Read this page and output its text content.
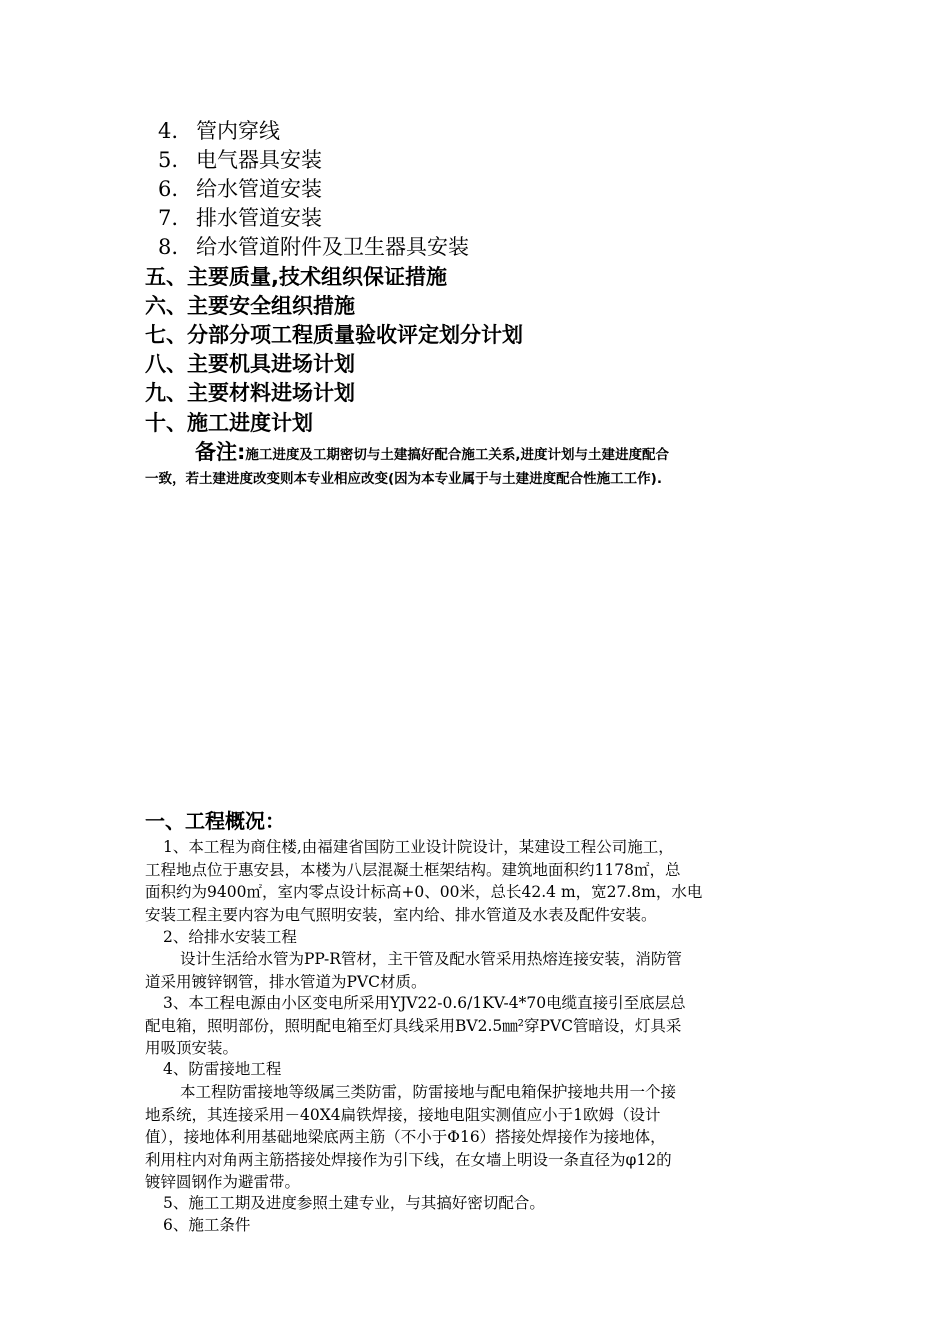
4. 管内穿线
5. 电气器具安装
6. 给水管道安装
7. 排水管道安装
8. 给水管道附件及卫生器具安装
五、主要质量,技术组织保证措施
六、主要安全组织措施
七、分部分项工程质量验收评定划分计划
八、主要机具进场计划
九、主要材料进场计划
十、施工进度计划
备注:施工进度及工期密切与土建搞好配合施工关系,进度计划与土建进度配合
一致，若土建进度改变则本专业相应改变(因为本专业属于与土建进度配合性施工工作).
一、工程概况：
1、本工程为商住楼,由福建省国防工业设计院设计，某建设工程公司施工，
工程地点位于惠安县，本楼为八层混凝土框架结构。建筑地面积约1178㎡，总
面积约为9400㎡，室内零点设计标高+0、00米，总长42.4 m，宽27.8m，水电
安装工程主要内容为电气照明安装，室内给、排水管道及水表及配件安装。
2、给排水安装工程
设计生活给水管为PP-R管材，主干管及配水管采用热熔连接安装，消防管
道采用镀锌钢管，排水管道为PVC材质。
3、本工程电源由小区变电所采用YJV22-0.6/1KV-4*70电缆直接引至底层总
配电箱，照明部份，照明配电箱至灯具线采用BV2.5㎜²穿PVC管暗设，灯具采
用吸顶安装。
4、防雷接地工程
本工程防雷接地等级属三类防雷，防雷接地与配电箱保护接地共用一个接
地系统，其连接采用－40X4扁铁焊接，接地电阻实测值应小于1欧姆（设计
值），接地体利用基础地梁底两主筋（不小于Φ16）搭接处焊接作为接地体，
利用柱内对角两主筋搭接处焊接作为引下线，在女墙上明设一条直径为φ12的
镀锌圆钢作为避雷带。
5、施工工期及进度参照土建专业，与其搞好密切配合。
6、施工条件
